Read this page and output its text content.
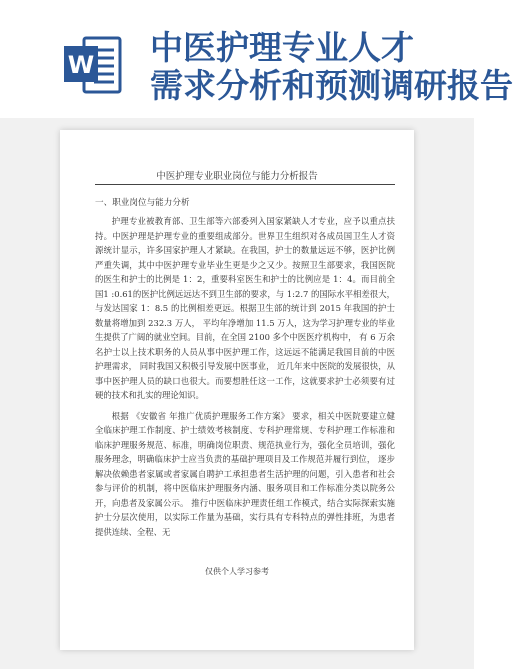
W 中医护理专业人才
需求分析和预测调研报告
中医护理专业职业岗位与能力分析报告
一、职业岗位与能力分析

护理专业被教育部、卫生部等六部委列入国家紧缺人才专业，应予以重点扶持。中医护理是护理专业的重要组成部分。世界卫生组织对各成员国卫生人才资源统计显示，许多国家护理人才紧缺。在我国，护士的数量远远不够，医护比例严重失调，其中中医护理专业毕业生更是少之又少。按照卫生部要求，我国医院的医生和护士的比例是 1：2，重要科室医生和护士的比例应是 1：4。而目前全国1 :0.61的医护比例远远达不到卫生部的要求，与 1:2.7 的国际水平相差很大，与发达国家 1：8.5 的比例相差更远。根据卫生部的统计到 2015 年我国的护士数量将增加到 232.3 万人， 平均年净增加 11.5 万人，这为学习护理专业的毕业生提供了广阔的就业空间。目前，在全国 2100 多个中医医疗机构中， 有 6 万余名护士以上技术职务的人员从事中医护理工作，这远远不能满足我国目前的中医护理需求， 同时我国又积极引导发展中医事业， 近几年来中医院的发展很快，从事中医护理人员的缺口也很大。而要想胜任这一工作，这就要求护士必须要有过硬的技术和扎实的理论知识。

根据 《安徽省 年推广优质护理服务工作方案》 要求，相关中医院要建立健全临床护理工作制度、护士绩效考核制度、专科护理常规、专科护理工作标准和临床护理服务规范、标准，明确岗位职责、规范执业行为，强化全员培训，强化服务理念，明确临床护士应当负责的基础护理项目及工作规范并履行到位， 逐步解决依赖患者家属或者家属自聘护工承担患者生活护理的问题，引入患者和社会参与评价的机制，将中医临床护理服务内涵、服务项目和工作标准分类以院务公开，向患者及家属公示。 推行中医临床护理责任组工作模式，结合实际探索实施护士分层次使用，以实际工作量为基础，实行具有专科特点的弹性排班，为患者提供连续、全程、无

仅供个人学习参考
